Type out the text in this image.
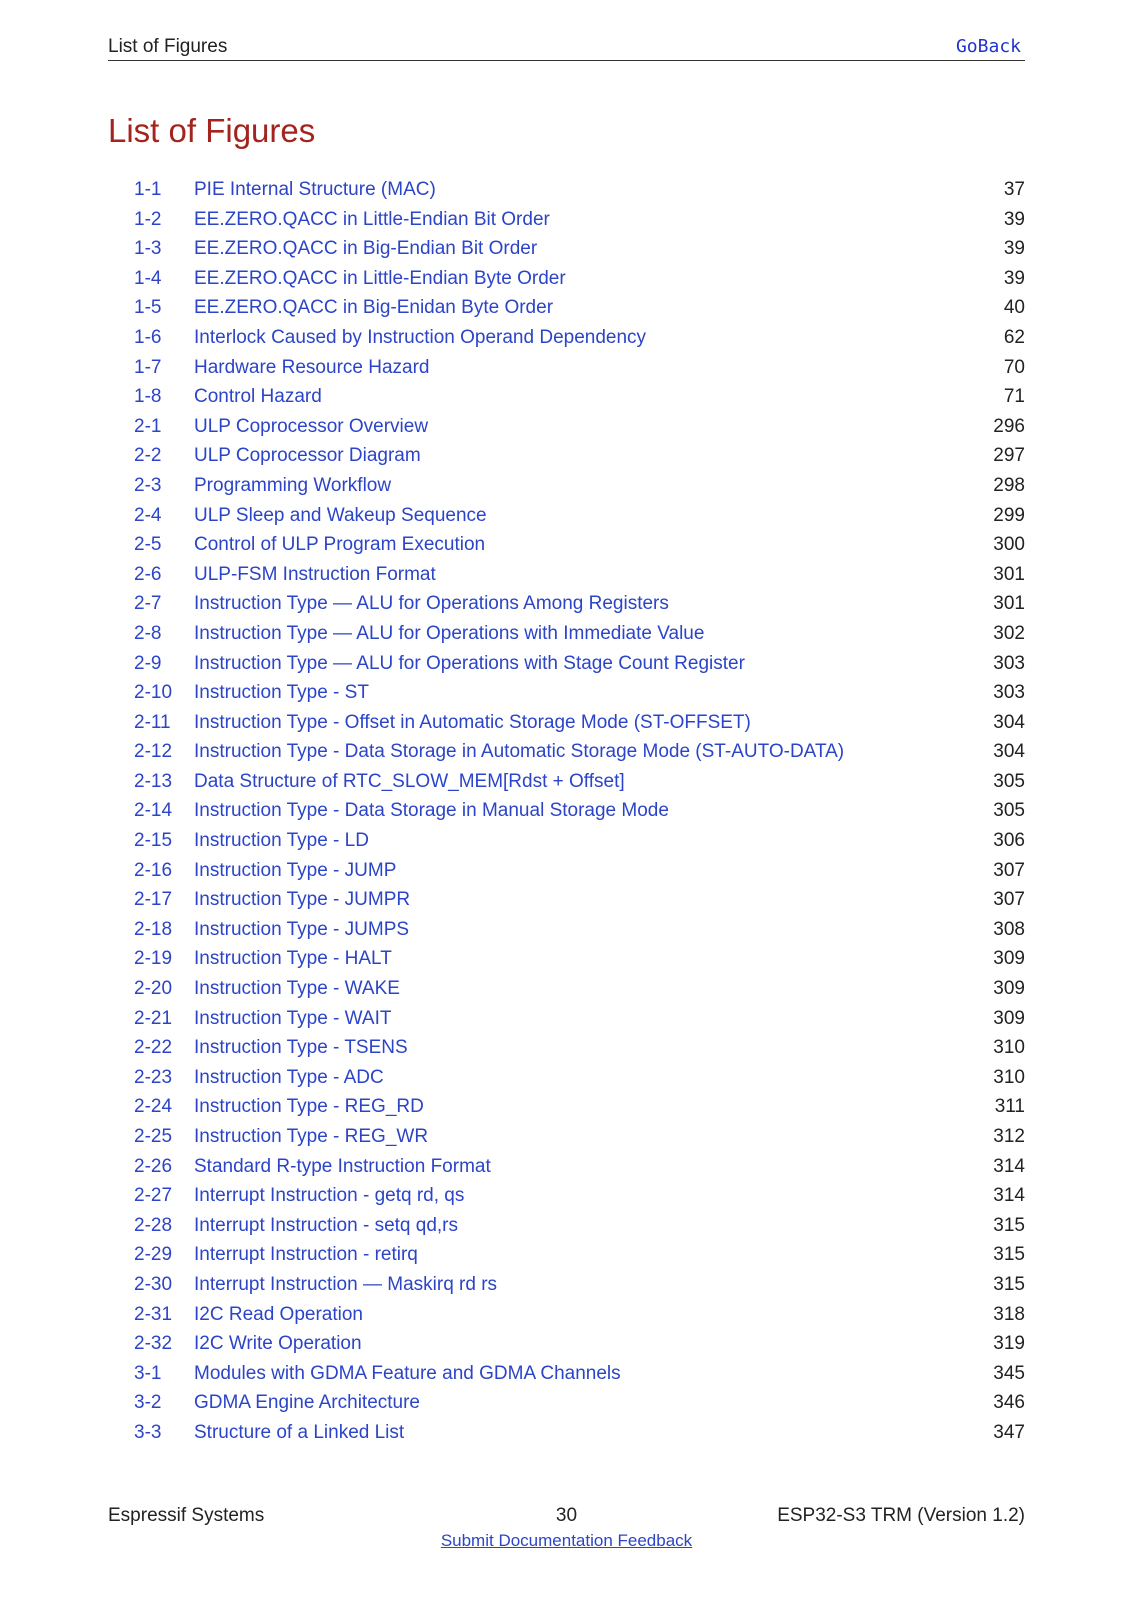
List of Figures	GoBack
List of Figures
1-1 PIE Internal Structure (MAC)	37
1-2 EE.ZERO.QACC in Little-Endian Bit Order	39
1-3 EE.ZERO.QACC in Big-Endian Bit Order	39
1-4 EE.ZERO.QACC in Little-Endian Byte Order	39
1-5 EE.ZERO.QACC in Big-Enidan Byte Order	40
1-6 Interlock Caused by Instruction Operand Dependency	62
1-7 Hardware Resource Hazard	70
1-8 Control Hazard	71
2-1 ULP Coprocessor Overview	296
2-2 ULP Coprocessor Diagram	297
2-3 Programming Workflow	298
2-4 ULP Sleep and Wakeup Sequence	299
2-5 Control of ULP Program Execution	300
2-6 ULP-FSM Instruction Format	301
2-7 Instruction Type — ALU for Operations Among Registers	301
2-8 Instruction Type — ALU for Operations with Immediate Value	302
2-9 Instruction Type — ALU for Operations with Stage Count Register	303
2-10 Instruction Type - ST	303
2-11 Instruction Type - Offset in Automatic Storage Mode (ST-OFFSET)	304
2-12 Instruction Type - Data Storage in Automatic Storage Mode (ST-AUTO-DATA)	304
2-13 Data Structure of RTC_SLOW_MEM[Rdst + Offset]	305
2-14 Instruction Type - Data Storage in Manual Storage Mode	305
2-15 Instruction Type - LD	306
2-16 Instruction Type - JUMP	307
2-17 Instruction Type - JUMPR	307
2-18 Instruction Type - JUMPS	308
2-19 Instruction Type - HALT	309
2-20 Instruction Type - WAKE	309
2-21 Instruction Type - WAIT	309
2-22 Instruction Type - TSENS	310
2-23 Instruction Type - ADC	310
2-24 Instruction Type - REG_RD	311
2-25 Instruction Type - REG_WR	312
2-26 Standard R-type Instruction Format	314
2-27 Interrupt Instruction - getq rd, qs	314
2-28 Interrupt Instruction - setq qd,rs	315
2-29 Interrupt Instruction - retirq	315
2-30 Interrupt Instruction — Maskirq rd rs	315
2-31 I2C Read Operation	318
2-32 I2C Write Operation	319
3-1 Modules with GDMA Feature and GDMA Channels	345
3-2 GDMA Engine Architecture	346
3-3 Structure of a Linked List	347
Espressif Systems	30	ESP32-S3 TRM (Version 1.2)
Submit Documentation Feedback
